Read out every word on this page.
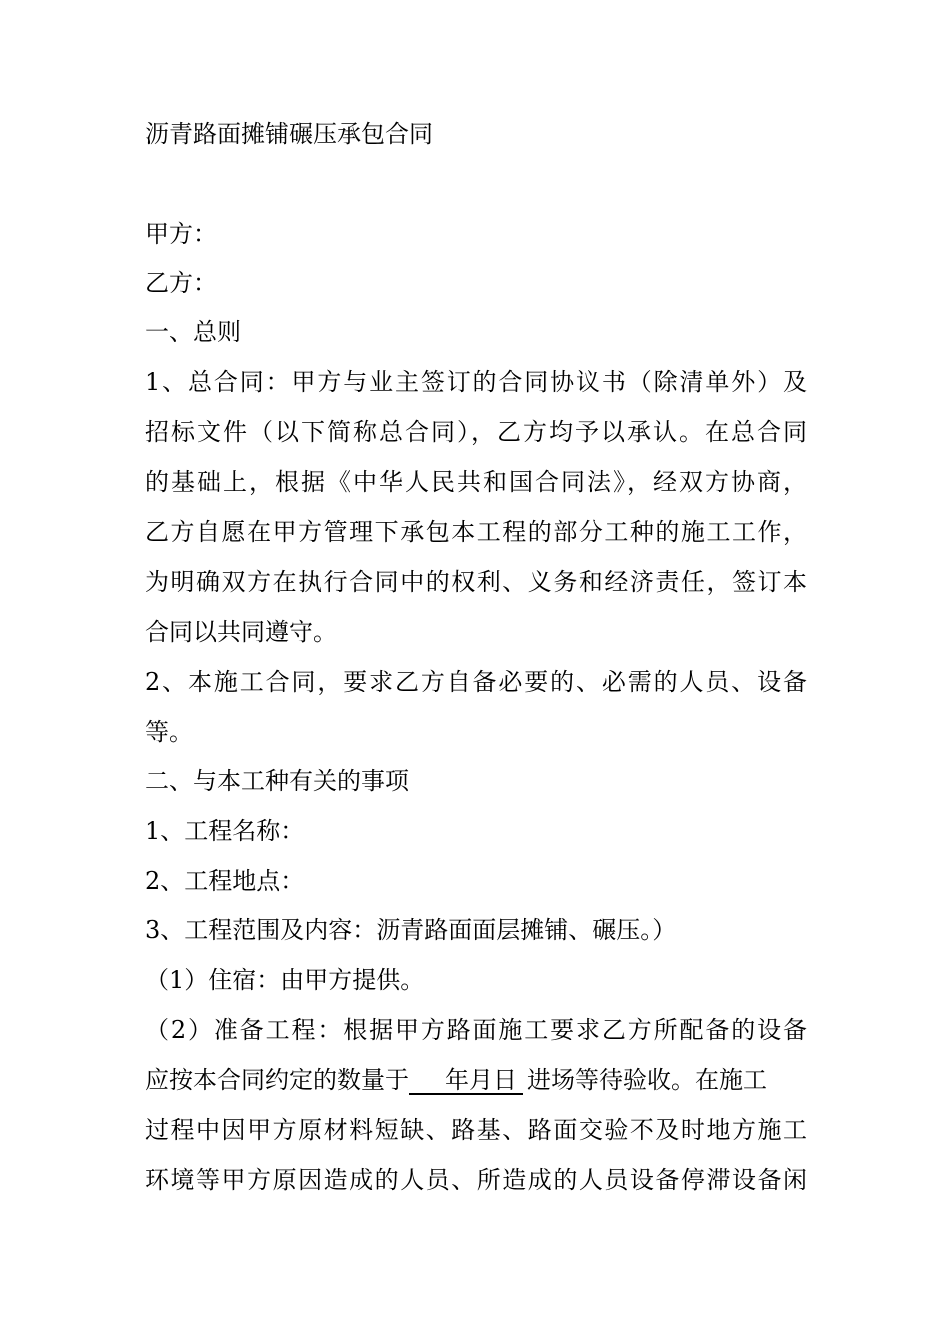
沥青路面摊铺碾压承包合同
甲方：
乙方：
一、总则
1、总合同：甲方与业主签订的合同协议书（除清单外）及
招标文件（以下简称总合同），乙方均予以承认。在总合同
的基础上，根据《中华人民共和国合同法》，经双方协商，
乙方自愿在甲方管理下承包本工程的部分工种的施工工作，
为明确双方在执行合同中的权利、义务和经济责任，签订本
合同以共同遵守。
2、本施工合同，要求乙方自备必要的、必需的人员、设备
等。
二、与本工种有关的事项
1、工程名称：
2、工程地点：
3、工程范围及内容：沥青路面面层摊铺、碾压。）
（1）住宿：由甲方提供。
（2）准备工程：根据甲方路面施工要求乙方所配备的设备
应按本合同约定的数量于 年月日 进场等待验收。在施工
过程中因甲方原材料短缺、路基、路面交验不及时地方施工
环境等甲方原因造成的人员、所造成的人员设备停滞设备闲
